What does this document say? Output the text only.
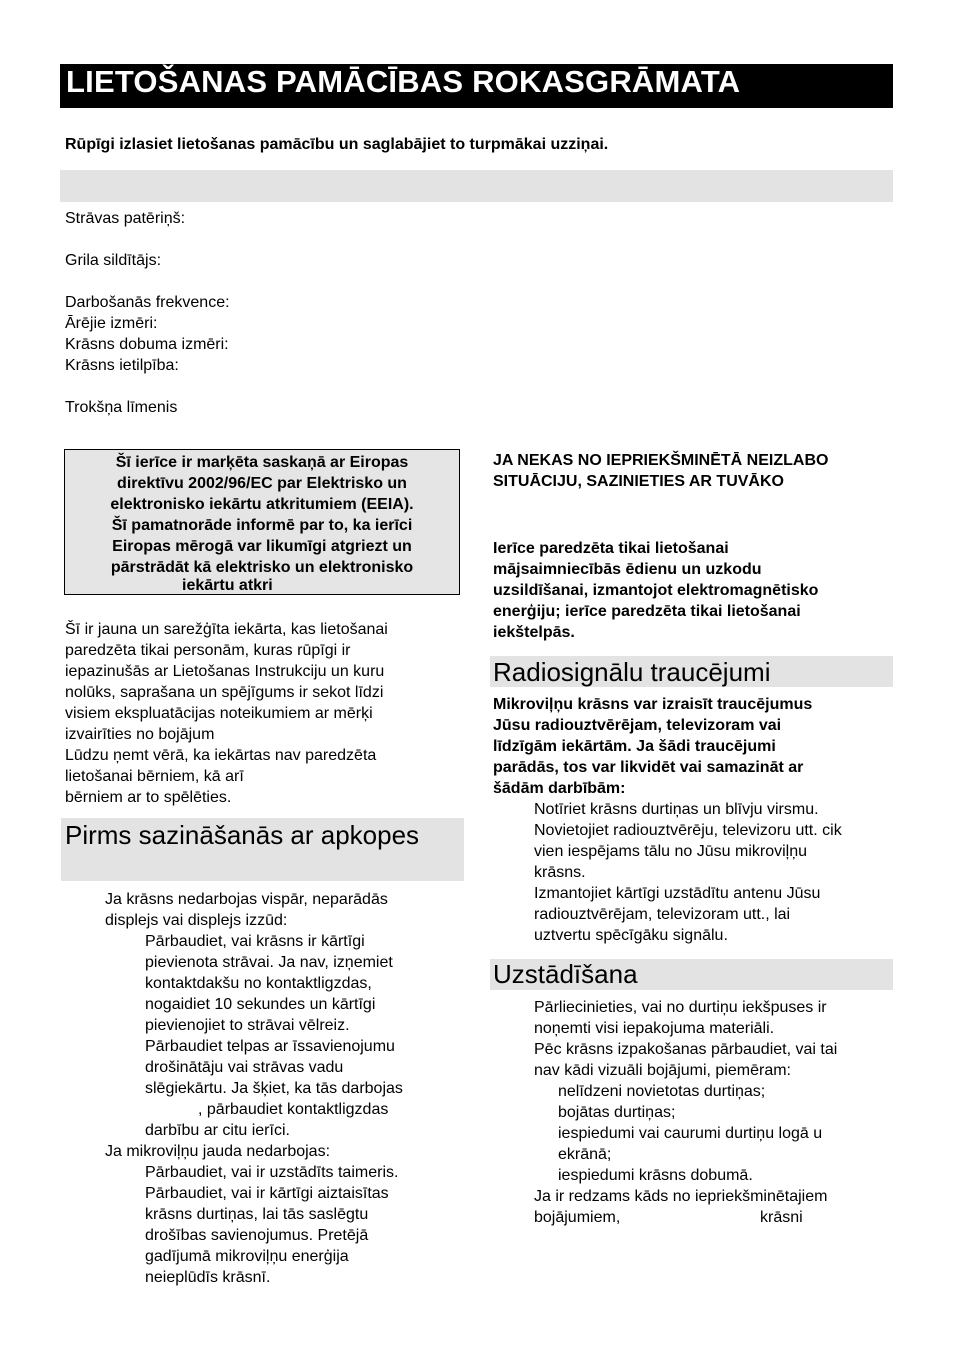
LIETOŠANAS PAMĀCĪBAS ROKASGRĀMATA
Rūpīgi izlasiet lietošanas pamācību un saglabājiet to turpmākai uzziņai.
Strāvas patēriņš:
Grila sildītājs:
Darbošanās frekvence:
Ārējie izmēri:
Krāsns dobuma izmēri:
Krāsns ietilpība:
Trokšņa līmenis
Šī ierīce ir marķēta saskaņā ar Eiropas
direktīvu 2002/96/EC par Elektrisko un
elektronisko iekārtu atkritumiem (EEIA).
Šī pamatnorāde informē par to, ka ierīci
Eiropas mērogā var likumīgi atgriezt un
pārstrādāt kā elektrisko un elektronisko
iekārtu atkri
Šī ir jauna un sarežģīta iekārta, kas lietošanai
paredzēta tikai personām, kuras rūpīgi ir
iepazinušās ar Lietošanas Instrukciju un kuru
nolūks, saprašana un spējīgums ir sekot līdzi
visiem ekspluatācijas noteikumiem ar mērķi
izvairīties no bojājum
Lūdzu ņemt vērā, ka iekārtas nav paredzēta
lietošanai bērniem, kā arī
bērniem ar to spēlēties.
Pirms sazināšanās ar apkopes
Ja krāsns nedarbojas vispār, neparādās
displejs vai displejs izzūd:
Pārbaudiet, vai krāsns ir kārtīgi
pievienota strāvai. Ja nav, izņemiet
kontaktdakšu no kontaktligzdas,
nogaidiet 10 sekundes un kārtīgi
pievienojiet to strāvai vēlreiz.
Pārbaudiet telpas ar īssavienojumu
drošinātāju vai strāvas vadu
slēgiekārtu. Ja šķiet, ka tās darbojas
, pārbaudiet kontaktligzdas
darbību ar citu ierīci.
Ja mikroviļņu jauda nedarbojas:
Pārbaudiet, vai ir uzstādīts taimeris.
Pārbaudiet, vai ir kārtīgi aiztaisītas
krāsns durtiņas, lai tās saslēgtu
drošības savienojumus. Pretējā
gadījumā mikroviļņu enerģija
neieplūdīs krāsnī.
JA NEKAS NO IEPRIEKŠMINĒTĀ NEIZLABO
SITUĀCIJU, SAZINIETIES AR TUVĀKO
Ierīce paredzēta tikai lietošanai
mājsaimniecībās ēdienu un uzkodu
uzsildīšanai, izmantojot elektromagnētisko
enerģiju; ierīce paredzēta tikai lietošanai
iekštelpās.
Radiosignālu traucējumi
Mikroviļņu krāsns var izraisīt traucējumus
Jūsu radiouztvērējam, televizoram vai
līdzīgām iekārtām. Ja šādi traucējumi
parādās, tos var likvidēt vai samazināt ar
šādām darbībām:
Notīriet krāsns durtiņas un blīvju virsmu.
Novietojiet radiouztvērēju, televizoru utt. cik
vien iespējams tālu no Jūsu mikroviļņu
krāsns.
Izmantojiet kārtīgi uzstādītu antenu Jūsu
radiouztvērējam, televizoram utt., lai
uztvertu spēcīgāku signālu.
Uzstādīšana
Pārliecinieties, vai no durtiņu iekšpuses ir
noņemti visi iepakojuma materiāli.
Pēc krāsns izpakošanas pārbaudiet, vai tai
nav kādi vizuāli bojājumi, piemēram:
nelīdzeni novietotas durtiņas;
bojātas durtiņas;
iespiedumi vai caurumi durtiņu logā u
ekrānā;
iespiedumi krāsns dobumā.
Ja ir redzams kāds no iepriekšminētajiem
bojājumiem,	krāsni
